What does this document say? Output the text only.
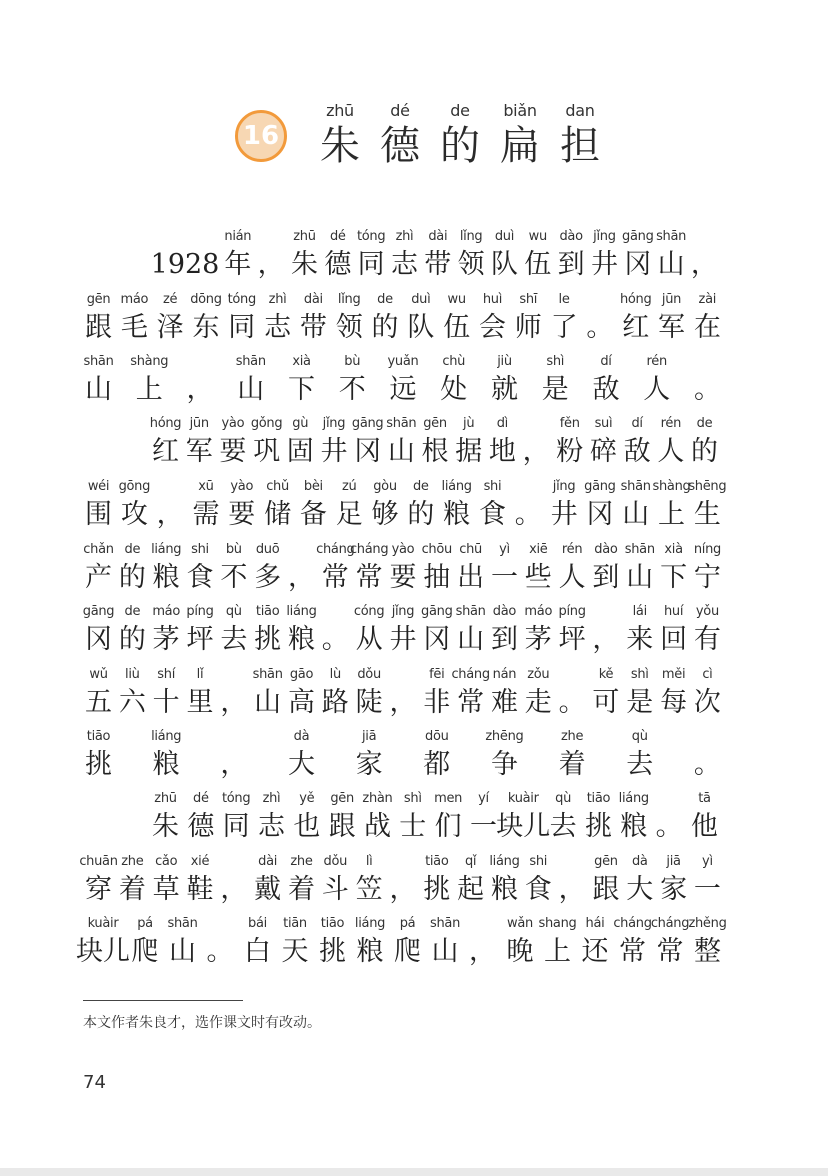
16
zhū
朱
dé
德
de
的
biǎn
扁
dan
担
1928
nián
年 ，
zhū
朱
dé
德
tóng
同
zhì
志
dài
带
lǐng
领
duì
队
wu
伍
dào
到
jǐng
井
gāng
冈
shān
山 ，
gēn
跟
máo
毛
zé
泽
dōng
东
tóng
同
zhì
志
dài
带
lǐng
领
de
的
duì
队
wu
伍
huì
会
shī
师
le
了 。
hóng
红
jūn
军
zài
在
shān
山
shàng
上 ，
shān
山
xià
下
bù
不
yuǎn
远
chù
处
jiù
就
shì
是
dí
敌
rén
人 。
hóng
红
jūn
军
yào
要
gǒng
巩
gù
固
jǐng
井
gāng
冈
shān
山
gēn
根
jù
据
dì
地 ，
fěn
粉
suì
碎
dí
敌
rén
人
de
的
wéi
围
gōng
攻 ，
xū
需
yào
要
chǔ
储
bèi
备
zú
足
gòu
够
de
的
liáng
粮
shi
食 。
jǐng
井
gāng
冈
shān
山
shàng
上
shēng
生
chǎn
产
de
的
liáng
粮
shi
食
bù
不
duō
多 ，
cháng
常
cháng
常
yào
要
chōu
抽
chū
出
yì
一
xiē
些
rén
人
dào
到
shān
山
xià
下
níng
宁
gāng
冈
de
的
máo
茅
píng
坪
qù
去
tiāo
挑
liáng
粮 。
cóng
从
jǐng
井
gāng
冈
shān
山
dào
到
máo
茅
píng
坪 ，
lái
来
huí
回
yǒu
有
wǔ
五
liù
六
shí
十
lǐ
里 ，
shān
山
gāo
高
lù
路
dǒu
陡 ，
fēi
非
cháng
常
nán
难
zǒu
走 。
kě
可
shì
是
měi
每
cì
次
tiāo
挑
liáng
粮 ，
dà
大
jiā
家
dōu
都
zhēng
争
zhe
着
qù
去 。
zhū
朱
dé
德
tóng
同
zhì
志
yě
也
gēn
跟
zhàn
战
shì
士
men
们
yí
一
kuàir
块儿
qù
去
tiāo
挑
liáng
粮 。
tā
他
chuān
穿
zhe
着
cǎo
草
xié
鞋 ，
dài
戴
zhe
着
dǒu
斗
lì
笠 ，
tiāo
挑
qǐ
起
liáng
粮
shi
食 ，
gēn
跟
dà
大
jiā
家
yì
一
kuàir
块儿
pá
爬
shān
山 。
bái
白
tiān
天
tiāo
挑
liáng
粮
pá
爬
shān
山 ，
wǎn
晚
shang
上
hái
还
cháng
常
cháng
常
zhěng
整
本文作者朱良才，选作课文时有改动。
74
